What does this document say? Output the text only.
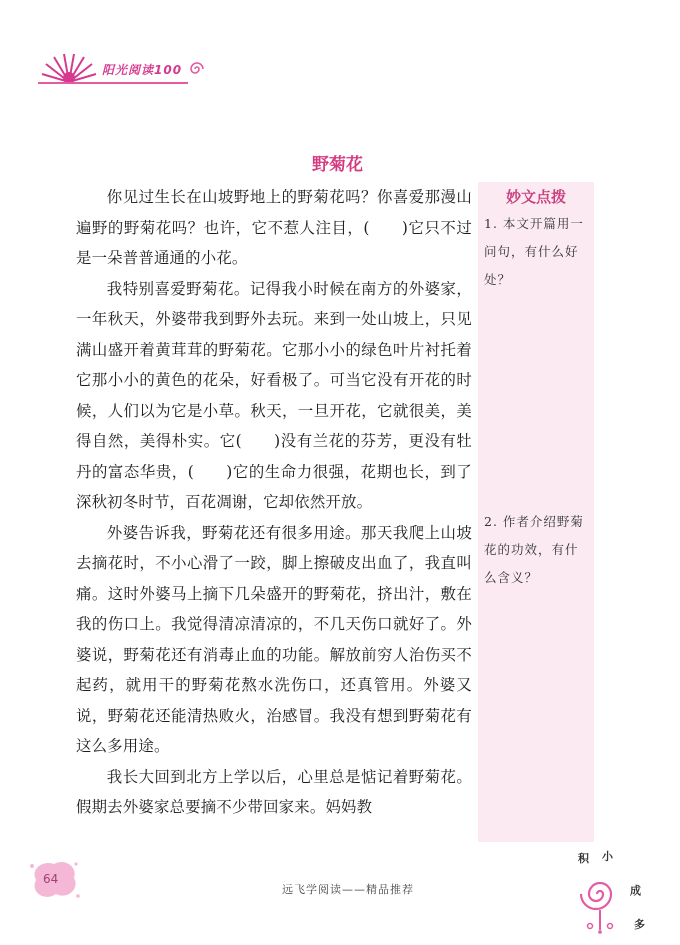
阳光阅读100
野菊花

你见过生长在山坡野地上的野菊花吗？你喜爱那漫山遍野的野菊花吗？也许，它不惹人注目，(　　)它只不过是一朵普普通通的小花。

我特别喜爱野菊花。记得我小时候在南方的外婆家，一年秋天，外婆带我到野外去玩。来到一处山坡上，只见满山盛开着黄茸茸的野菊花。它那小小的绿色叶片衬托着它那小小的黄色的花朵，好看极了。可当它没有开花的时候，人们以为它是小草。秋天，一旦开花，它就很美，美得自然，美得朴实。它(　　)没有兰花的芬芳，更没有牡丹的富态华贵，(　　)它的生命力很强，花期也长，到了深秋初冬时节，百花凋谢，它却依然开放。

外婆告诉我，野菊花还有很多用途。那天我爬上山坡去摘花时，不小心滑了一跤，脚上擦破皮出血了，我直叫痛。这时外婆马上摘下几朵盛开的野菊花，挤出汁，敷在我的伤口上。我觉得清凉清凉的，不几天伤口就好了。外婆说，野菊花还有消毒止血的功能。解放前穷人治伤买不起药，就用干的野菊花熬水洗伤口，还真管用。外婆又说，野菊花还能清热败火，治感冒。我没有想到野菊花有这么多用途。

我长大回到北方上学以后，心里总是惦记着野菊花。假期去外婆家总要摘不少带回家来。妈妈教

妙文点拨
1. 本文开篇用一问句，有什么好处？
2. 作者介绍野菊花的功效，有什么含义？
64
远飞学阅读——精品推荐
积 小
成
多
